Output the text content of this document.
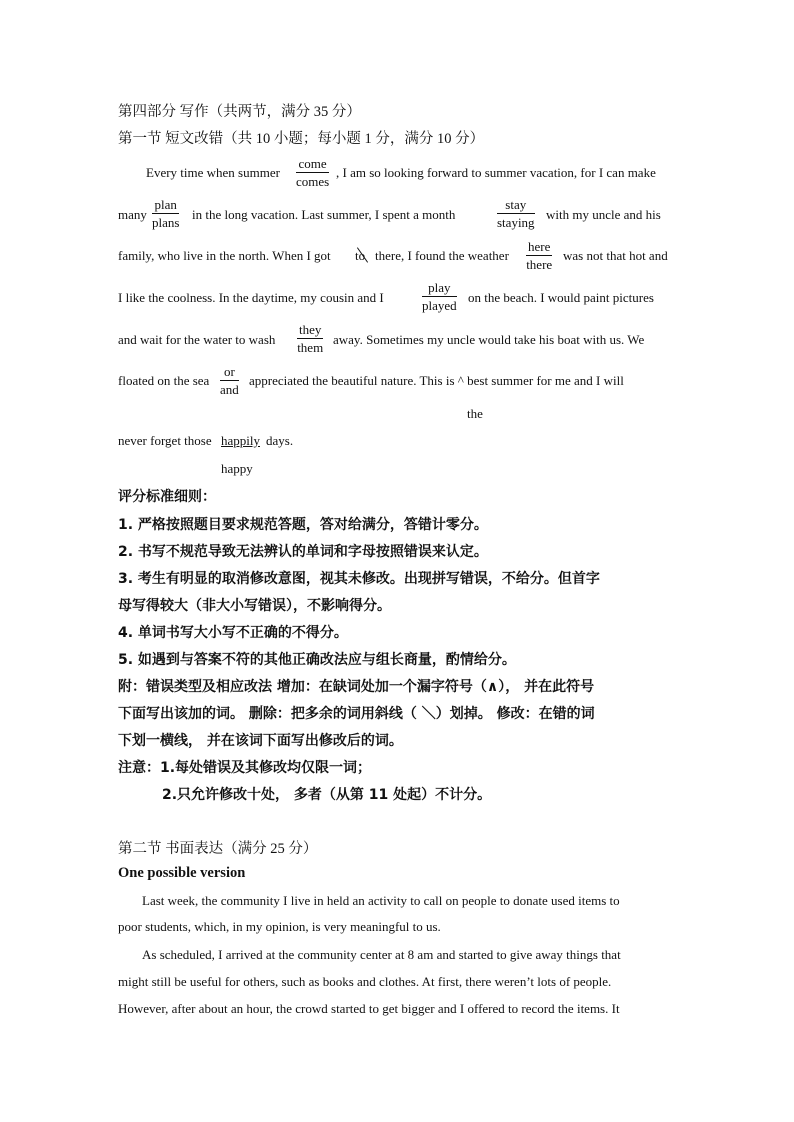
第四部分 写作（共两节，满分 35 分）
第一节 短文改错（共 10 小题；每小题 1 分，满分 10 分）
Every time when summer
come
comes
, I am so looking forward to summer vacation, for I can make
many
plan
plans
in the long vacation. Last summer, I spent a month
stay
staying
with my uncle and his
family, who live in the north. When I got to there, I found the weather
here
there
was not that hot and
I like the coolness. In the daytime, my cousin and I
play
played
on the beach. I would paint pictures
and wait for the water to wash
they
them
away. Sometimes my uncle would take his boat with us. We
floated on the sea
or
and
appreciated the beautiful nature. This is ^ best summer for me and I will
the
never forget those happily days.
happy
评分标准细则：
1. 严格按照题目要求规范答题，答对给满分，答错计零分。
2. 书写不规范导致无法辨认的单词和字母按照错误来认定。
3. 考生有明显的取消修改意图，视其未修改。出现拼写错误，不给分。但首字
母写得较大（非大小写错误），不影响得分。
4. 单词书写大小写不正确的不得分。
5. 如遇到与答案不符的其他正确改法应与组长商量，酌情给分。
附：错误类型及相应改法 增加：在缺词处加一个漏字符号（∧）， 并在此符号
下面写出该加的词。 删除：把多余的词用斜线（ ＼）划掉。 修改：在错的词
下划一横线， 并在该词下面写出修改后的词。
注意：1.每处错误及其修改均仅限一词；
2.只允许修改十处， 多者（从第 11 处起）不计分。
第二节 书面表达（满分 25 分）
One possible version
Last week, the community I live in held an activity to call on people to donate used items to
poor students, which, in my opinion, is very meaningful to us.
As scheduled, I arrived at the community center at 8 am and started to give away things that
might still be useful for others, such as books and clothes. At first, there weren’t lots of people.
However, after about an hour, the crowd started to get bigger and I offered to record the items. It
